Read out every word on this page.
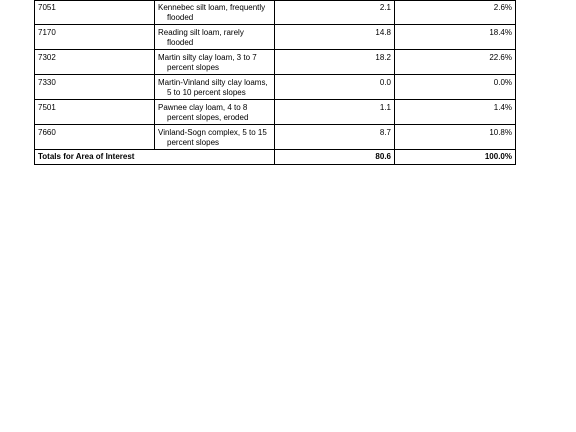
7051	Kennebec silt loam, frequently
flooded	2.1	2.6%
7170	Reading silt loam, rarely
flooded	14.8	18.4%
7302	Martin silty clay loam, 3 to 7
percent slopes	18.2	22.6%
7330	Martin-Vinland silty clay loams,
5 to 10 percent slopes	0.0	0.0%
7501	Pawnee clay loam, 4 to 8
percent slopes, eroded	1.1	1.4%
7660	Vinland-Sogn complex, 5 to 15
percent slopes	8.7	10.8%
Totals for Area of Interest		80.6	100.0%
